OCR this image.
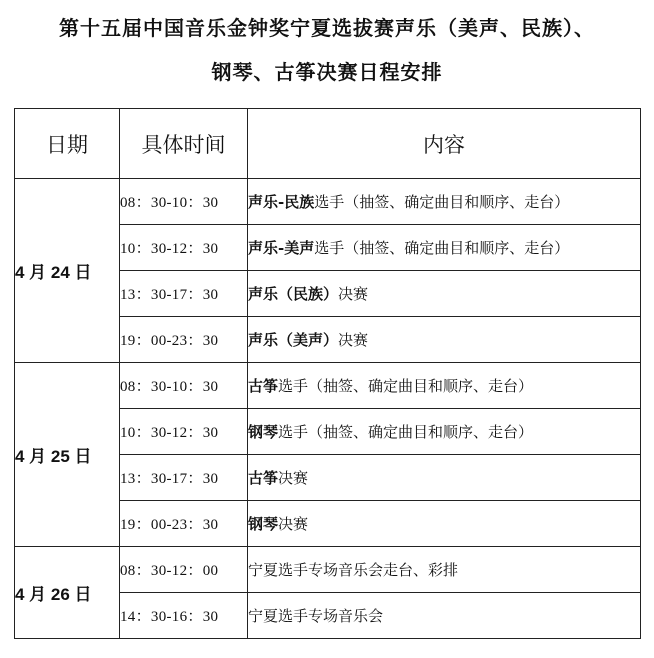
第十五届中国音乐金钟奖宁夏选拔赛声乐（美声、民族）、
钢琴、古筝决赛日程安排
日期	具体时间	内容
4 月 24 日	08：30-10：30	声乐-民族选手（抽签、确定曲目和顺序、走台）
	10：30-12：30	声乐-美声选手（抽签、确定曲目和顺序、走台）
	13：30-17：30	声乐（民族）决赛
	19：00-23：30	声乐（美声）决赛
4 月 25 日	08：30-10：30	古筝选手（抽签、确定曲目和顺序、走台）
	10：30-12：30	钢琴选手（抽签、确定曲目和顺序、走台）
	13：30-17：30	古筝决赛
	19：00-23：30	钢琴决赛
4 月 26 日	08：30-12：00	宁夏选手专场音乐会走台、彩排
	14：30-16：30	宁夏选手专场音乐会
